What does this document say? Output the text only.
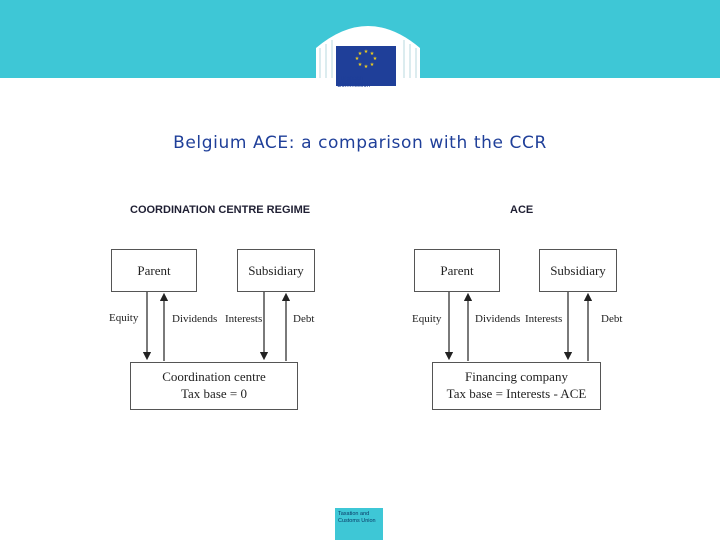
★ ★
★
★
★
★
★
★
European
Commission
Belgium ACE: a comparison with the CCR
COORDINATION CENTRE REGIME
Parent	Subsidiary
Coordination centre
Tax base = 0
Equity	Dividends Interests	Debt
ACE
Parent	Subsidiary
Financing company
Tax base = Interests - ACE
Equity	Dividends Interests	Debt
Taxation and
Customs Union
